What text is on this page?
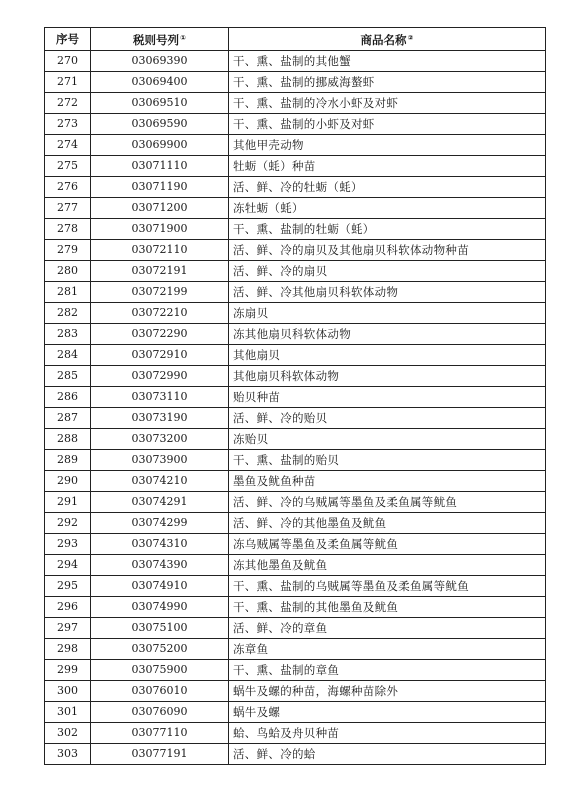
序号	税则号列①	商品名称②
270	03069390	干、熏、盐制的其他蟹
271	03069400	干、熏、盐制的挪威海螯虾
272	03069510	干、熏、盐制的冷水小虾及对虾
273	03069590	干、熏、盐制的小虾及对虾
274	03069900	其他甲壳动物
275	03071110	牡蛎（蚝）种苗
276	03071190	活、鲜、冷的牡蛎（蚝）
277	03071200	冻牡蛎（蚝）
278	03071900	干、熏、盐制的牡蛎（蚝）
279	03072110	活、鲜、冷的扇贝及其他扇贝科软体动物种苗
280	03072191	活、鲜、冷的扇贝
281	03072199	活、鲜、冷其他扇贝科软体动物
282	03072210	冻扇贝
283	03072290	冻其他扇贝科软体动物
284	03072910	其他扇贝
285	03072990	其他扇贝科软体动物
286	03073110	贻贝种苗
287	03073190	活、鲜、冷的贻贝
288	03073200	冻贻贝
289	03073900	干、熏、盐制的贻贝
290	03074210	墨鱼及鱿鱼种苗
291	03074291	活、鲜、冷的乌贼属等墨鱼及柔鱼属等鱿鱼
292	03074299	活、鲜、冷的其他墨鱼及鱿鱼
293	03074310	冻乌贼属等墨鱼及柔鱼属等鱿鱼
294	03074390	冻其他墨鱼及鱿鱼
295	03074910	干、熏、盐制的乌贼属等墨鱼及柔鱼属等鱿鱼
296	03074990	干、熏、盐制的其他墨鱼及鱿鱼
297	03075100	活、鲜、冷的章鱼
298	03075200	冻章鱼
299	03075900	干、熏、盐制的章鱼
300	03076010	蜗牛及螺的种苗，海螺种苗除外
301	03076090	蜗牛及螺
302	03077110	蛤、鸟蛤及舟贝种苗
303	03077191	活、鲜、冷的蛤
